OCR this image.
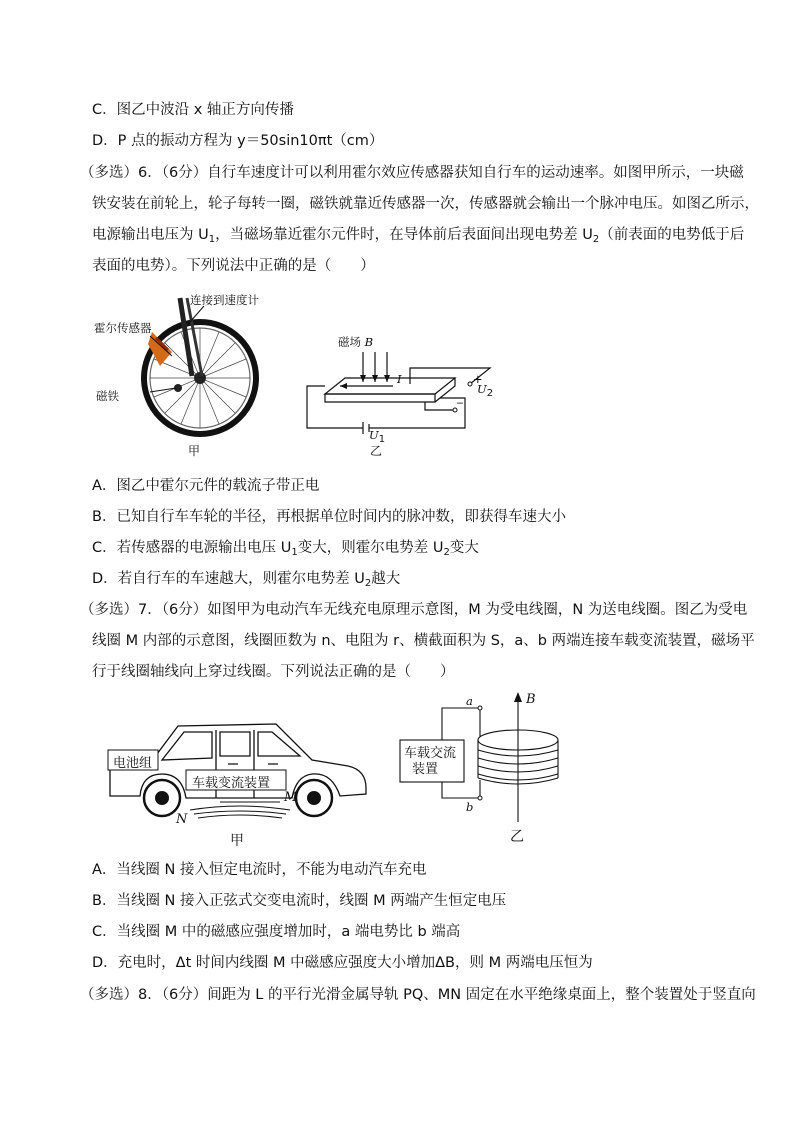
C．图乙中波沿 x 轴正方向传播
D．P 点的振动方程为 y＝50sin10πt（cm）
（多选）6．（6分）自行车速度计可以利用霍尔效应传感器获知自行车的运动速率。如图甲所示，一块磁
铁安装在前轮上，轮子每转一圈，磁铁就靠近传感器一次，传感器就会输出一个脉冲电压。如图乙所示，
电源输出电压为 $U_1$，当磁场靠近霍尔元件时，在导体前后表面间出现电势差 $U_2$（前表面的电势低于后
表面的电势）。下列说法中正确的是（　　）
连接到速度计
霍尔传感器
磁铁
甲
磁场 B
I	+
$U_2$
_
$U_1$
乙
A．图乙中霍尔元件的载流子带正电
B．已知自行车车轮的半径，再根据单位时间内的脉冲数，即获得车速大小
C．若传感器的电源输出电压 $U_1$变大，则霍尔电势差 $U_2$变大
D．若自行车的车速越大，则霍尔电势差 $U_2$越大
（多选）7．（6分）如图甲为电动汽车无线充电原理示意图，M 为受电线圈，N 为送电线圈。图乙为受电
线圈 M 内部的示意图，线圈匝数为 n、电阻为 r、横截面积为 S，a、b 两端连接车载变流装置，磁场平
行于线圈轴线向上穿过线圈。下列说法正确的是（　　）
电池组
车载变流装置
M
N
甲
车载交流
装置
a
b
B
乙
A．当线圈 N 接入恒定电流时，不能为电动汽车充电
B．当线圈 N 接入正弦式交变电流时，线圈 M 两端产生恒定电压
C．当线圈 M 中的磁感应强度增加时，a 端电势比 b 端高
D．充电时，Δt 时间内线圈 M 中磁感应强度大小增加ΔB，则 M 两端电压恒为
（多选）8．（6分）间距为 L 的平行光滑金属导轨 PQ、MN 固定在水平绝缘桌面上，整个装置处于竖直向
